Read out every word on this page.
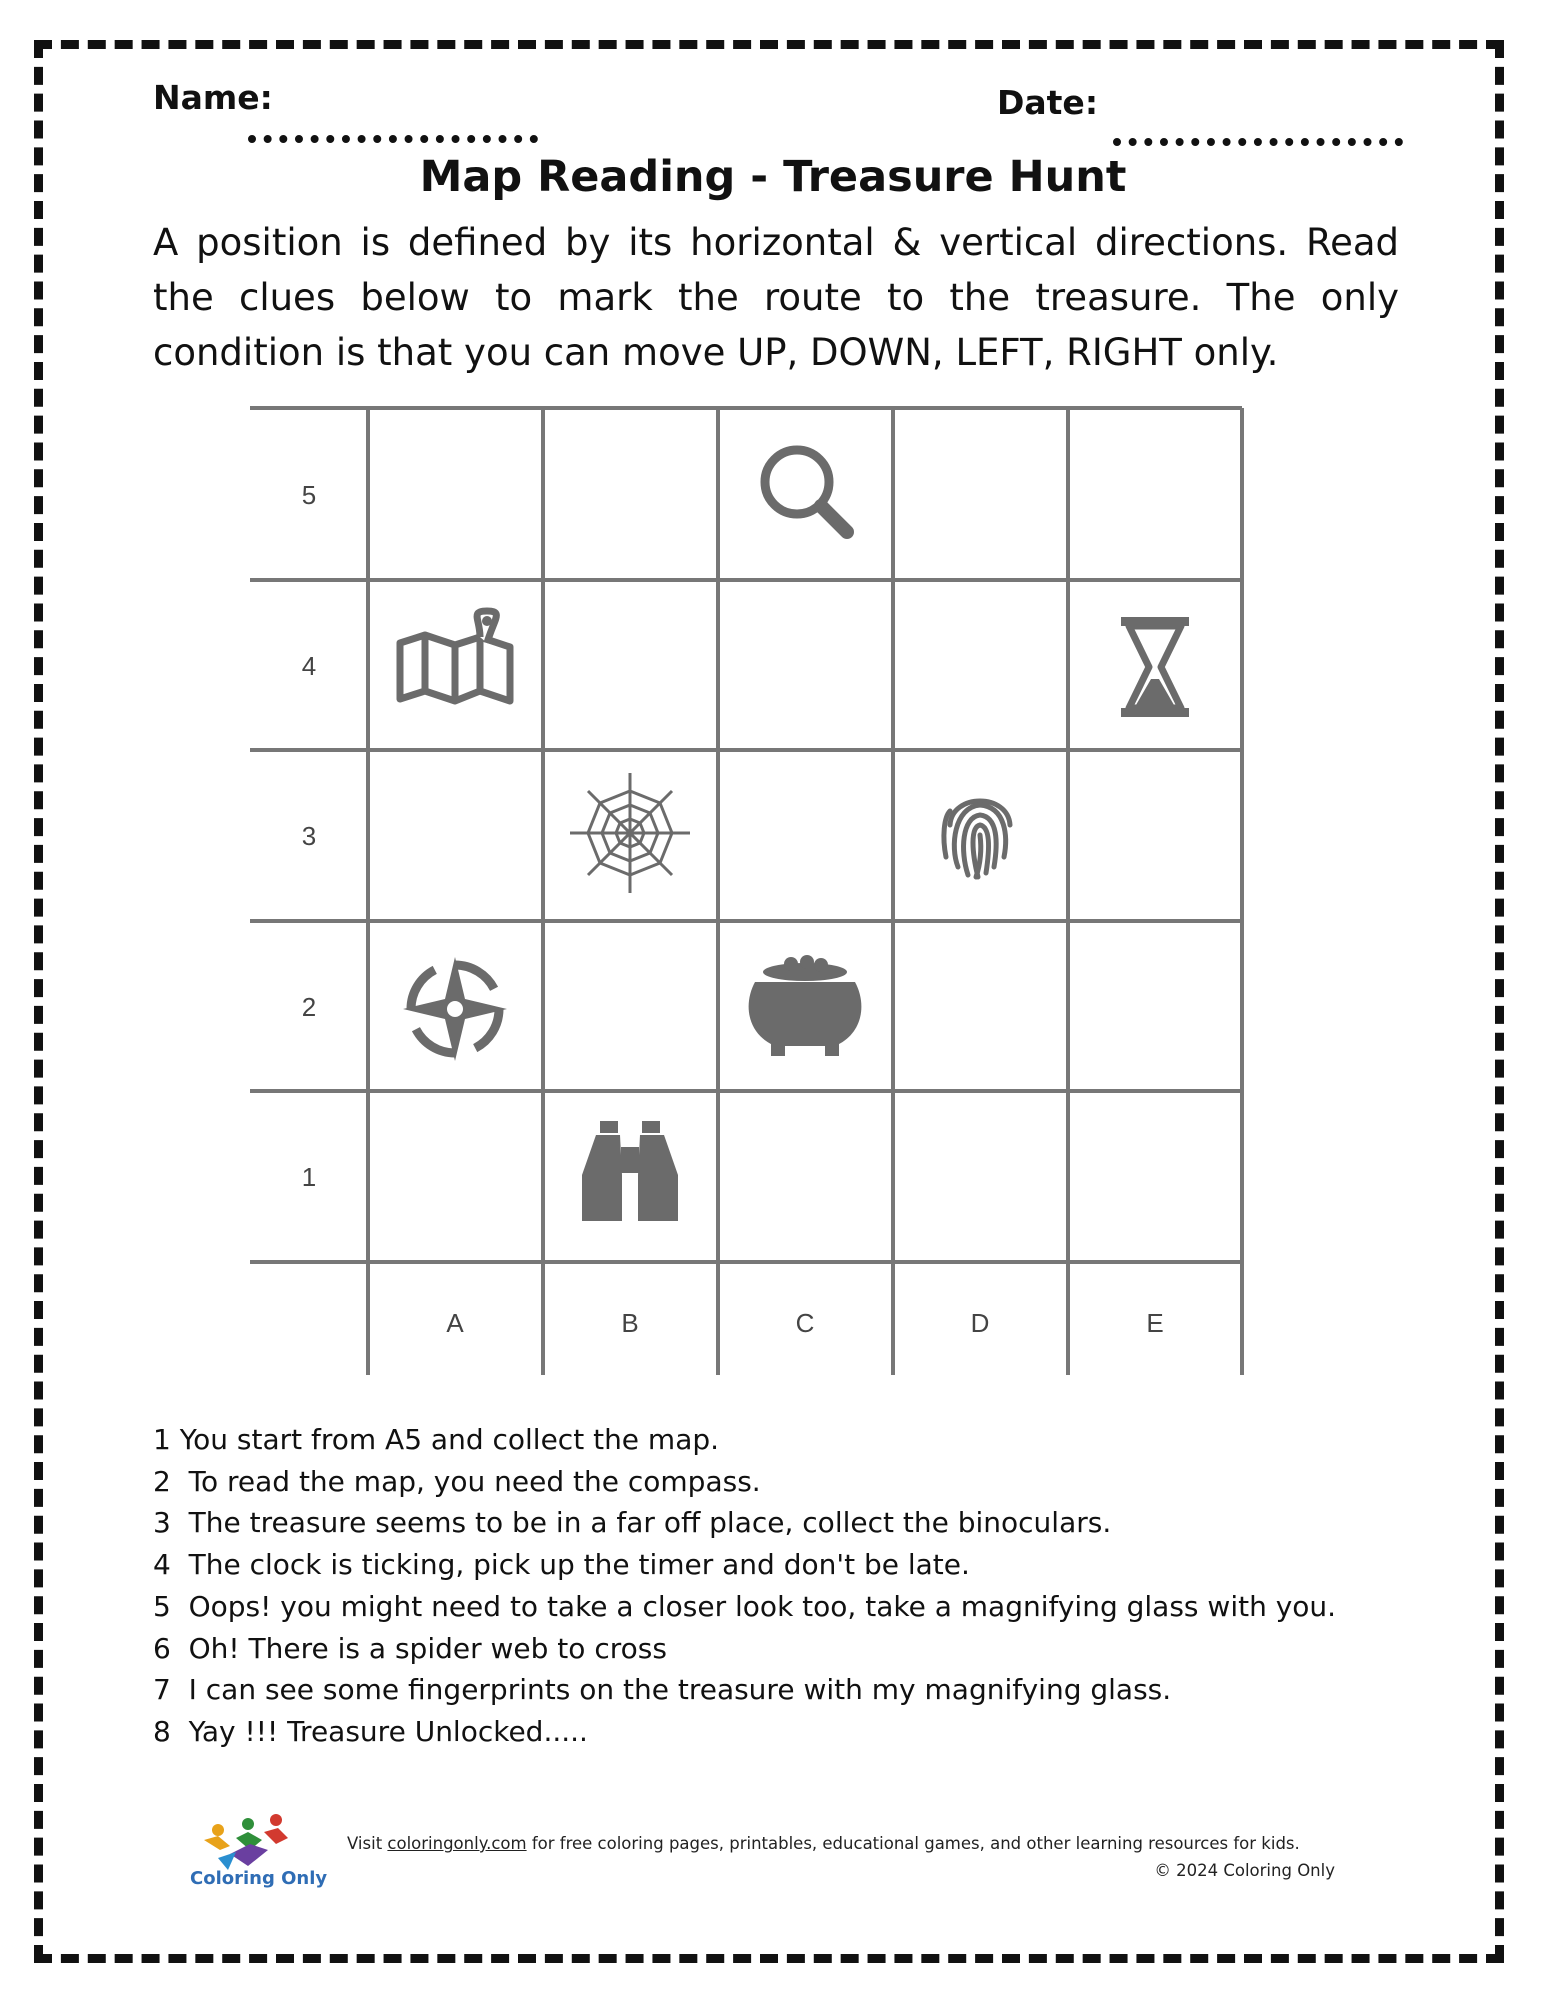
Name:	Date:
Map Reading - Treasure Hunt
A position is defined by its horizontal & vertical directions. Read the clues below to mark the route to the treasure. The only condition is that you can move UP, DOWN, LEFT, RIGHT only.
5
4
3
2
1
A	B	C	D	E
1 You start from A5 and collect the map.
2  To read the map, you need the compass.
3  The treasure seems to be in a far off place, collect the binoculars.
4  The clock is ticking, pick up the timer and don't be late.
5  Oops! you might need to take a closer look too, take a magnifying glass with you.
6  Oh! There is a spider web to cross
7  I can see some fingerprints on the treasure with my magnifying glass.
8  Yay !!! Treasure Unlocked.....
Coloring Only
Visit coloringonly.com for free coloring pages, printables, educational games, and other learning resources for kids.
© 2024 Coloring Only
